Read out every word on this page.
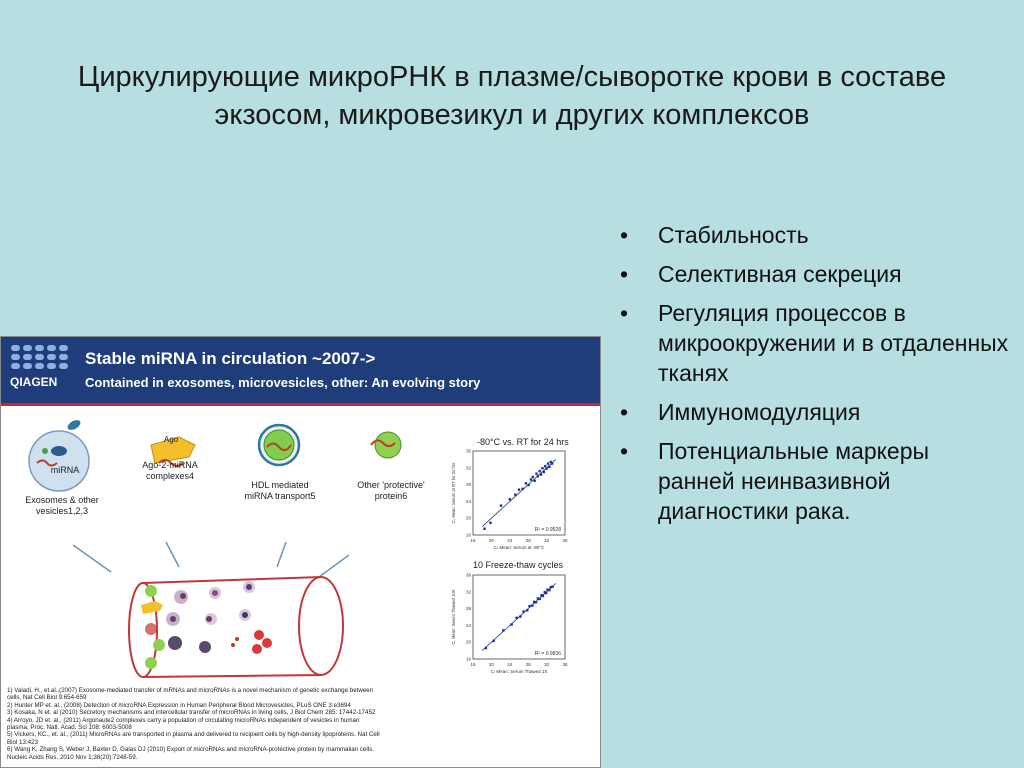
Циркулирующие микроРНК в плазме/сыворотке крови в составе экзосом, микровезикул и других комплексов
• Стабильность
• Селективная секреция
• Регуляция процессов в микроокружении и в отдаленных тканях
• Иммуномодуляция
• Потенциальные маркеры ранней неинвазивной диагностики рака.
QIAGEN
Stable miRNA in circulation ~2007->
Contained in exosomes, microvesicles, other: An evolving story
miRNA
Exosomes & other vesicles1,2,3
Ago
Ago-2-miRNA complexes4
HDL mediated miRNA transport5
Other 'protective' protein6
-80°C vs. RT for 24 hrs
16
16
20
20
24
24
28
28
32
32
36
36
R² = 0.9528
Cₜ Mean: Serum at -80°C
Cₜ Mean: Serum at RT for 24 hrs
10 Freeze-thaw cycles
16
16
20
20
24
24
28
28
32
32
36
36
R² = 0.9836
Cₜ Mean: Serum Thawed 1X
Cₜ Mean: Serum Thawed 10X
1) Valadi, H., et.al.,(2007) Exosome-mediated transfer of mRNAs and microRNAs is a novel mechanism of genetic exchange between
cells, Nat Cell Biol 9:654-659
2) Hunter MP et. al., (2008) Detection of microRNA Expression in Human Peripheral Blood Microvesicles, PLoS ONE 3:e3694
3) Kosaka, N et. al (2010) Secretory mechanisms and intercellular transfer of microRNAs in living cells, J Biol Chem 285: 17442-17452
4) Arroyo, JD et. al., (2011) Argonaute2 complexes carry a population of circulating microRNAs independent of vesicles in human
plasma, Proc. Natl. Acad. Sci 108: 6003-5008
5) Vickers, KC., et. al., (2011) MicroRNAs are transported in plasma and delivered to recipient cells by high-density lipoproteins. Nat Cell
Biol 13:423
6) Wang K, Zhang S, Weber J, Baxter D, Galas DJ (2010) Export of microRNAs and microRNA-protective protein by mammalian cells.
Nucleic Acids Res. 2010 Nov 1;38(20):7248-59.
